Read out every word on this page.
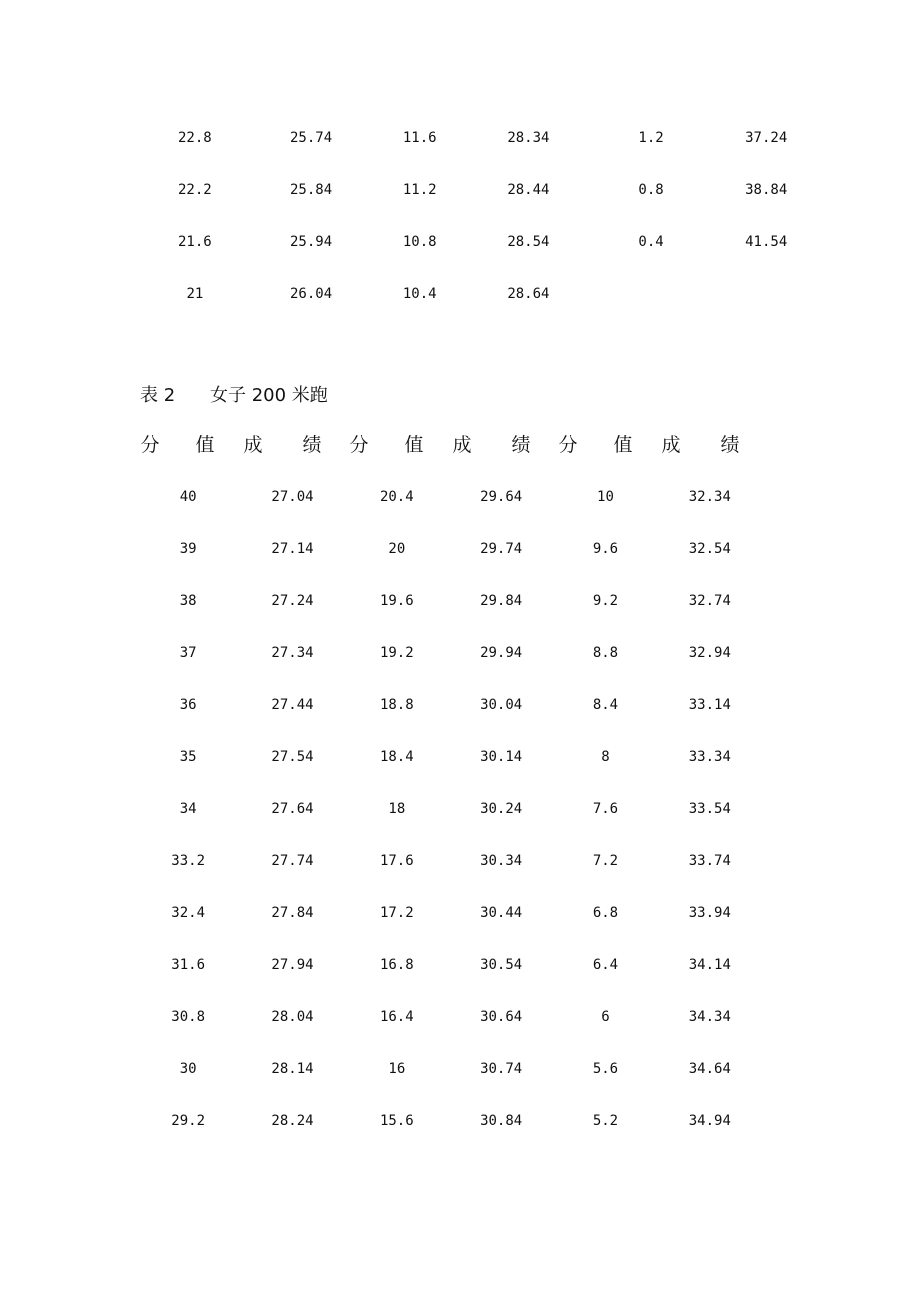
22.8	25.74	11.6	28.34	1.2	37.24
22.2	25.84	11.2	28.44	0.8	38.84
21.6	25.94	10.8	28.54	0.4	41.54
21	26.04	10.4	28.64		
表 2 女子 200 米跑
分 值 成 绩 分 值 成 绩 分 值 成 绩
40	27.04	20.4	29.64	10	32.34
39	27.14	20	29.74	9.6	32.54
38	27.24	19.6	29.84	9.2	32.74
37	27.34	19.2	29.94	8.8	32.94
36	27.44	18.8	30.04	8.4	33.14
35	27.54	18.4	30.14	8	33.34
34	27.64	18	30.24	7.6	33.54
33.2	27.74	17.6	30.34	7.2	33.74
32.4	27.84	17.2	30.44	6.8	33.94
31.6	27.94	16.8	30.54	6.4	34.14
30.8	28.04	16.4	30.64	6	34.34
30	28.14	16	30.74	5.6	34.64
29.2	28.24	15.6	30.84	5.2	34.94
